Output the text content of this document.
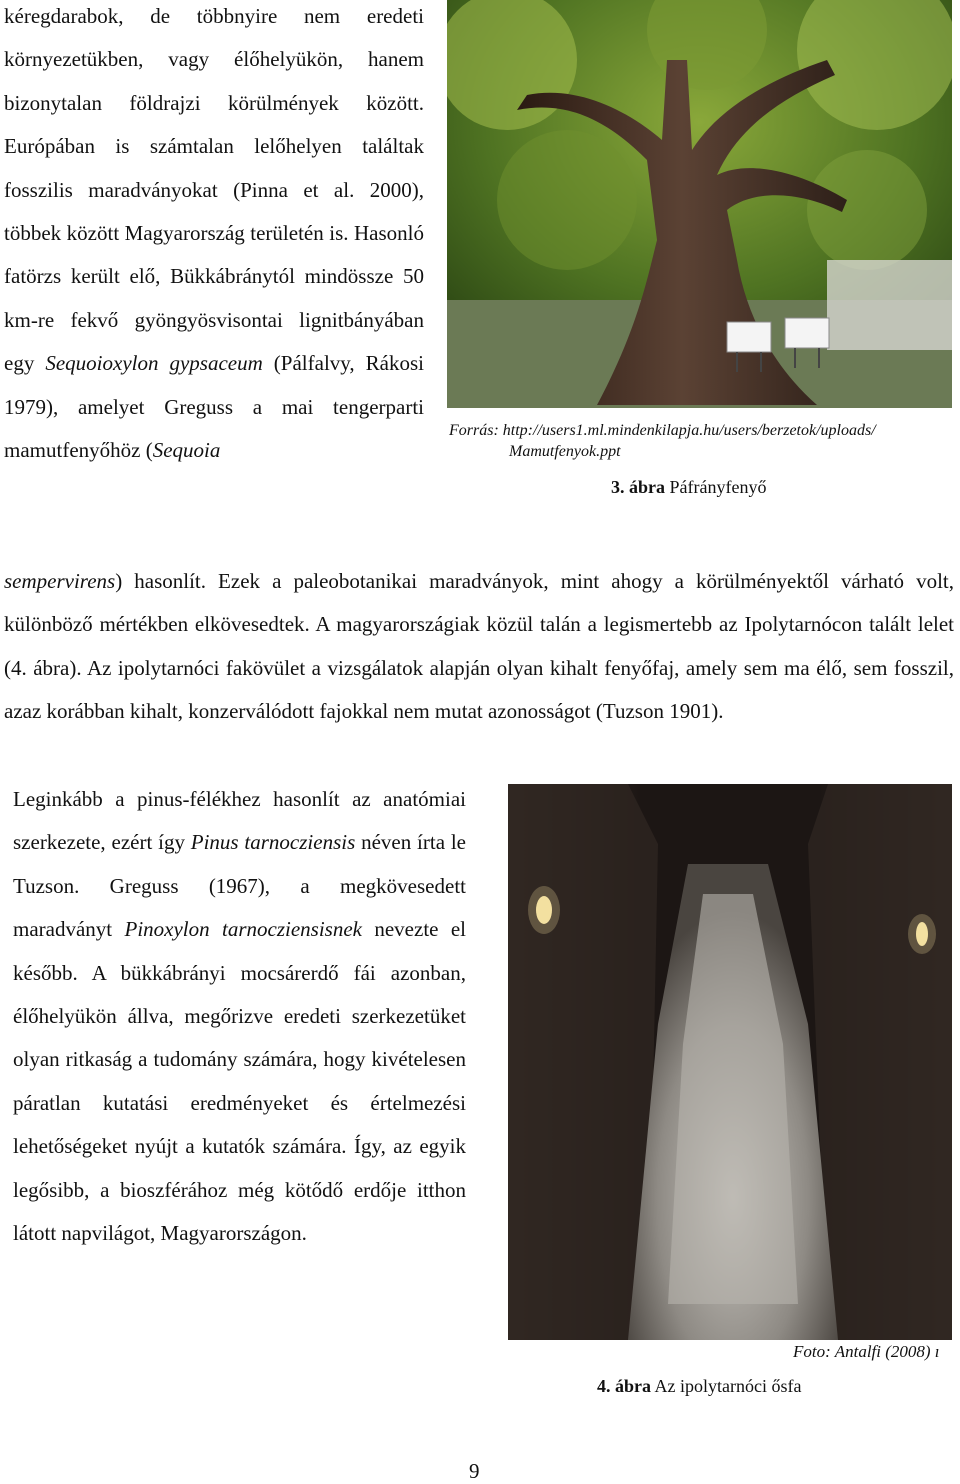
kéregdarabok, de többnyire nem eredeti környezetükben, vagy élőhelyükön, hanem bizonytalan földrajzi körülmények között. Európában is számtalan lelőhelyen találtak fosszilis maradványokat (Pinna et al. 2000), többek között Magyarország területén is. Hasonló fatörzs került elő, Bükkábránytól mindössze 50 km-re fekvő gyöngyösvisontai lignitbányában egy Sequoioxylon gypsaceum (Pálfalvy, Rákosi 1979), amelyet Greguss a mai tengerparti mamutfenyőhöz (Sequoia

Forrás: http://users1.ml.mindenkilapja.hu/users/berzetok/uploads/
Mamutfenyok.ppt
3. ábra Páfrányfenyő

sempervirens) hasonlít. Ezek a paleobotanikai maradványok, mint ahogy a körülményektől várható volt, különböző mértékben elkövesedtek. A magyarországiak közül talán a legismertebb az Ipolytarnócon talált lelet (4. ábra). Az ipolytarnóci fakövület a vizsgálatok alapján olyan kihalt fenyőfaj, amely sem ma élő, sem fosszil, azaz korábban kihalt, konzerválódott fajokkal nem mutat azonosságot (Tuzson 1901).

Leginkább a pinus-félékhez hasonlít az anatómiai szerkezete, ezért így Pinus tarnocziensis néven írta le Tuzson. Greguss (1967), a megkövesedett maradványt Pinoxylon tarnocziensisnek nevezte el később. A bükkábrányi mocsárerdő fái azonban, élőhelyükön állva, megőrizve eredeti szerkezetüket olyan ritkaság a tudomány számára, hogy kivételesen páratlan kutatási eredményeket és értelmezési lehetőségeket nyújt a kutatók számára. Így, az egyik legősibb, a bioszférához még kötődő erdője itthon látott napvilágot, Magyarországon.

Foto: Antalfi (2008) ı
4. ábra Az ipolytarnóci ősfa
9
